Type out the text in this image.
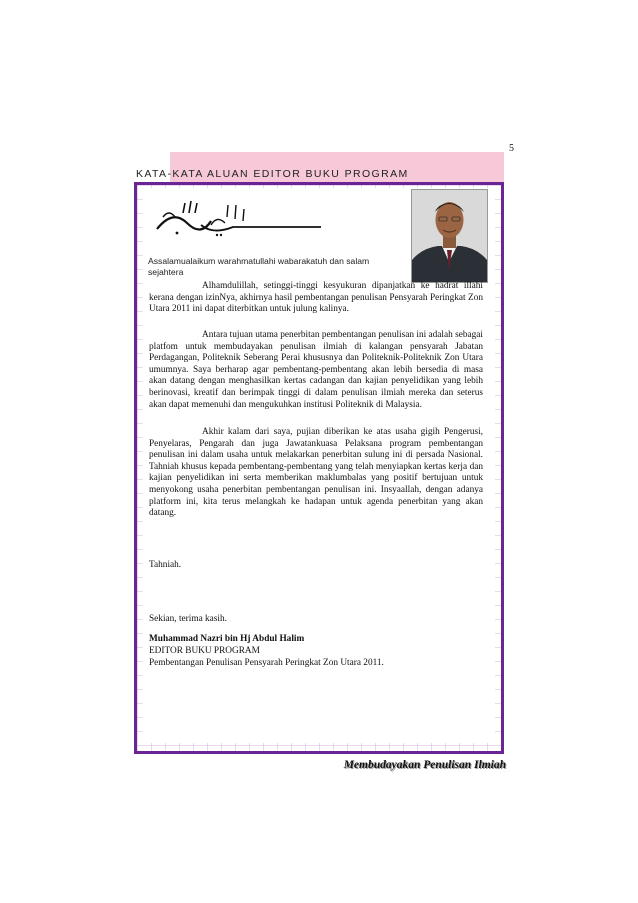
5
KATA-KATA ALUAN EDITOR BUKU PROGRAM
Assalamualaikum warahmatullahi wabarakatuh dan salam sejahtera
Alhamdulillah, setinggi-tinggi kesyukuran dipanjatkan ke hadrat illahi kerana dengan izinNya, akhirnya hasil pembentangan penulisan Pensyarah Peringkat Zon Utara 2011 ini dapat diterbitkan untuk julung kalinya.
Antara tujuan utama penerbitan pembentangan penulisan ini adalah sebagai platfom untuk membudayakan penulisan ilmiah di kalangan pensyarah Jabatan Perdagangan, Politeknik Seberang Perai khususnya dan Politeknik-Politeknik Zon Utara umumnya. Saya berharap agar pembentang-pembentang akan lebih bersedia di masa akan datang dengan menghasilkan kertas cadangan dan kajian penyelidikan yang lebih berinovasi, kreatif dan berimpak tinggi di dalam penulisan ilmiah mereka dan seterus akan dapat memenuhi dan mengukuhkan institusi Politeknik di Malaysia.
Akhir kalam dari saya, pujian diberikan ke atas usaha gigih Pengerusi, Penyelaras, Pengarah dan juga Jawatankuasa Pelaksana program pembentangan penulisan ini dalam usaha untuk melakarkan penerbitan sulung ini di persada Nasional. Tahniah khusus kepada pembentang-pembentang yang telah menyiapkan kertas kerja dan kajian penyelidikan ini serta memberikan maklumbalas yang positif bertujuan untuk menyokong usaha penerbitan pembentangan penulisan ini. Insyaallah, dengan adanya platform ini, kita terus melangkah ke hadapan untuk agenda penerbitan yang akan datang.
Tahniah.
Sekian, terima kasih.
Muhammad Nazri bin Hj Abdul Halim
EDITOR BUKU PROGRAM
Pembentangan Penulisan Pensyarah Peringkat Zon Utara 2011.
Membudayakan Penulisan Ilmiah
